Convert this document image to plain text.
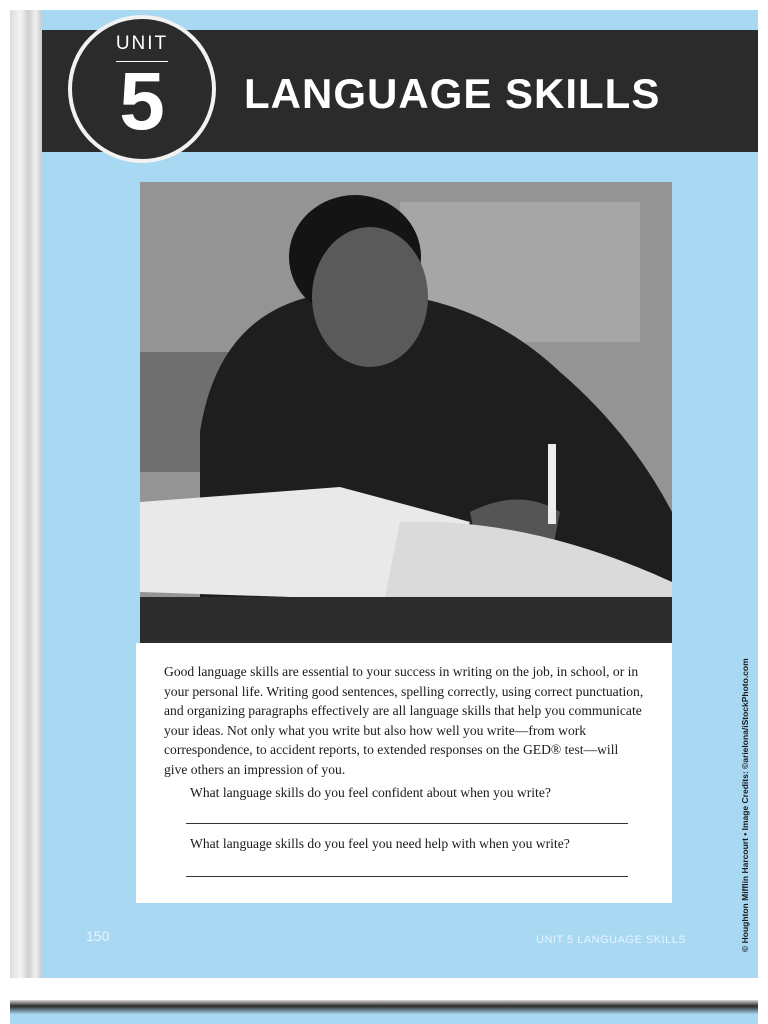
UNIT
5	LANGUAGE SKILLS

Good language skills are essential to your success in writing on the job, in school, or in your personal life. Writing good sentences, spelling correctly, using correct punctuation, and organizing paragraphs effectively are all language skills that help you communicate your ideas. Not only what you write but also how well you write—from work correspondence, to accident reports, to extended responses on the GED® test—will give others an impression of you.

What language skills do you feel confident about when you write?

What language skills do you feel you need help with when you write?

150	UNIT 5 LANGUAGE SKILLS	© Houghton Mifflin Harcourt • Image Credits: ©arielona/iStockPhoto.com
